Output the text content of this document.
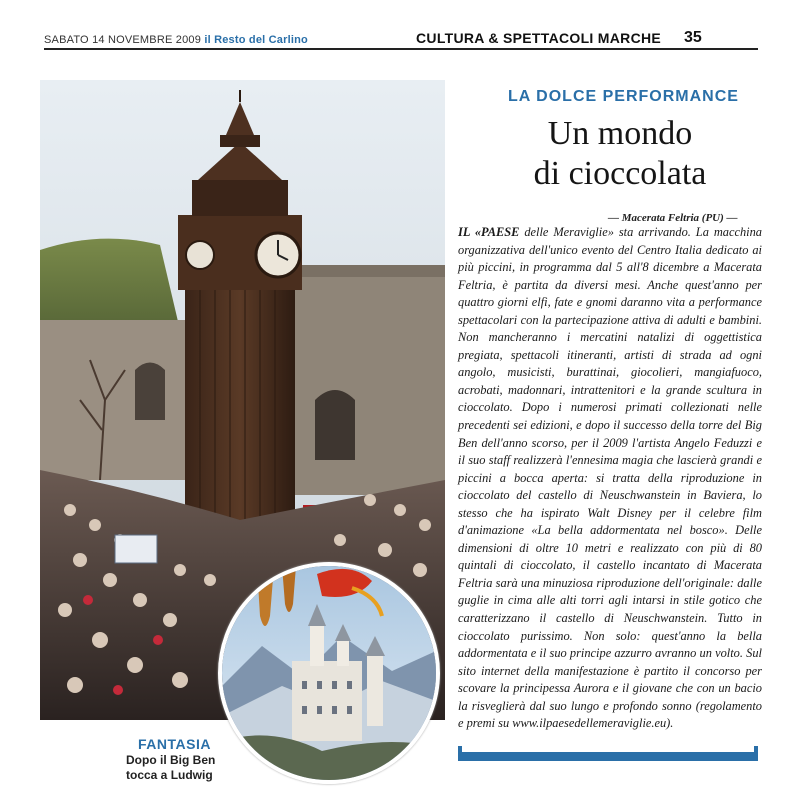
SABATO 14 NOVEMBRE 2009 il Resto del Carlino	CULTURA & SPETTACOLI MARCHE 35
FANTASIA
Dopo il Big Ben
tocca a Ludwig
LA DOLCE PERFORMANCE
Un mondo
di cioccolata
— Macerata Feltria (PU) —
IL «PAESE delle Meraviglie» sta arrivando. La macchina organizzativa dell'unico evento del Centro Italia dedicato ai più piccini, in programma dal 5 all'8 dicembre a Macerata Feltria, è partita da diversi mesi. Anche quest'anno per quattro giorni elfi, fate e gnomi daranno vita a performance spettacolari con la partecipazione attiva di adulti e bambini. Non mancheranno i mercatini natalizi di oggettistica pregiata, spettacoli itineranti, artisti di strada ad ogni angolo, musicisti, burattinai, giocolieri, mangiafuoco, acrobati, madonnari, intrattenitori e la grande scultura in cioccolato. Dopo i numerosi primati collezionati nelle precedenti sei edizioni, e dopo il successo della torre del Big Ben dell'anno scorso, per il 2009 l'artista Angelo Feduzzi e il suo staff realizzerà l'ennesima magia che lascierà grandi e piccini a bocca aperta: si tratta della riproduzione in cioccolato del castello di Neuschwanstein in Baviera, lo stesso che ha ispirato Walt Disney per il celebre film d'animazione «La bella addormentata nel bosco». Delle dimensioni di oltre 10 metri e realizzato con più di 80 quintali di cioccolato, il castello incantato di Macerata Feltria sarà una minuziosa riproduzione dell'originale: dalle guglie in cima alle alti torri agli intarsi in stile gotico che caratterizzano il castello di Neuschwanstein. Tutto in cioccolato purissimo. Non solo: quest'anno la bella addormentata e il suo principe azzurro avranno un volto. Sul sito internet della manifestazione è partito il concorso per scovare la principessa Aurora e il giovane che con un bacio la risveglierà dal suo lungo e profondo sonno (regolamento e premi su www.ilpaesedellemeraviglie.eu).
